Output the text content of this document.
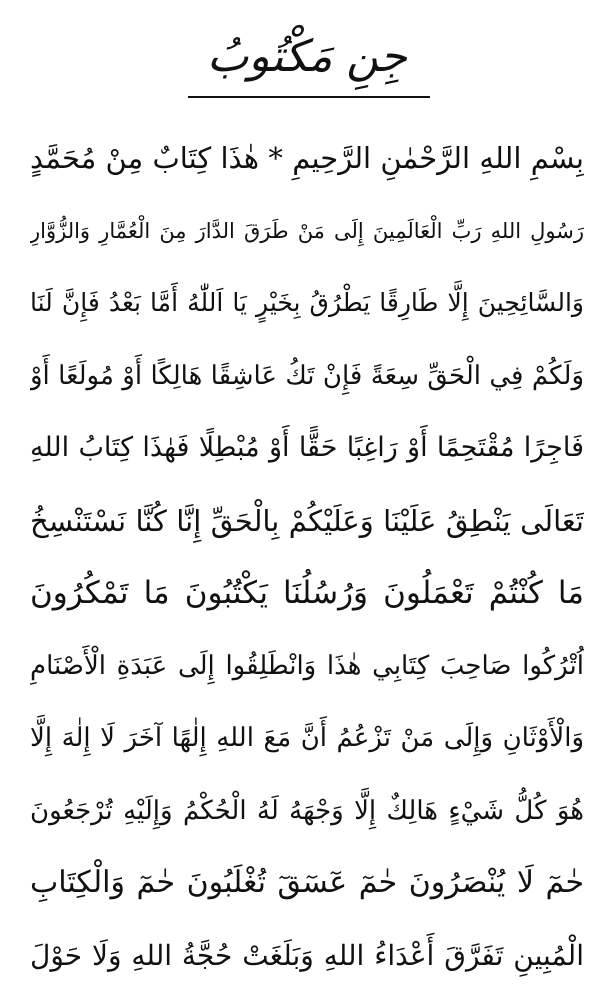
جِنِ مَكْتُوبُ
بِسْمِ اللهِ الرَّحْمٰنِ الرَّحِيمِ * هٰذَا كِتَابٌ مِنْ مُحَمَّدٍ
رَسُولِ اللهِ رَبِّ الْعَالَمِينَ إِلَى مَنْ طَرَقَ الدَّارَ مِنَ الْعُمَّارِ وَالزُّوَّارِ
وَالسَّائِحِينَ إِلَّا طَارِقًا يَطْرُقُ بِخَيْرٍ يَا اَللّٰهُ أَمَّا بَعْدُ فَإِنَّ لَنَا
وَلَكُمْ فِي الْحَقِّ سِعَةً فَإِنْ تَكُ عَاشِقًا هَالِكًا أَوْ مُولَعًا أَوْ
فَاجِرًا مُقْتَحِمًا أَوْ رَاغِبًا حَقًّا أَوْ مُبْطِلًا فَهٰذَا كِتَابُ اللهِ
تَعَالَى يَنْطِقُ عَلَيْنَا وَعَلَيْكُمْ بِالْحَقِّ إِنَّا كُنَّا نَسْتَنْسِخُ
مَا كُنْتُمْ تَعْمَلُونَ وَرُسُلُنَا يَكْتُبُونَ مَا تَمْكُرُونَ
اُتْرُكُوا صَاحِبَ كِتَابِي هٰذَا وَانْطَلِقُوا إِلَى عَبَدَةِ الْأَصْنَامِ
وَالْأَوْثَانِ وَإِلَى مَنْ تَزْعُمُ أَنَّ مَعَ اللهِ إِلٰهًا آخَرَ لَا إِلٰهَ إِلَّا
هُوَ كُلُّ شَيْءٍ هَالِكٌ إِلَّا وَجْهَهُ لَهُ الْحُكْمُ وَإِلَيْهِ تُرْجَعُونَ
حٰمٓ لَا يُنْصَرُونَ حٰمٓ عٓسٓقٓ تُغْلَبُونَ حٰمٓ وَالْكِتَابِ
الْمُبِينِ تَفَرَّقَ أَعْدَاءُ اللهِ وَبَلَغَتْ حُجَّةُ اللهِ وَلَا حَوْلَ
